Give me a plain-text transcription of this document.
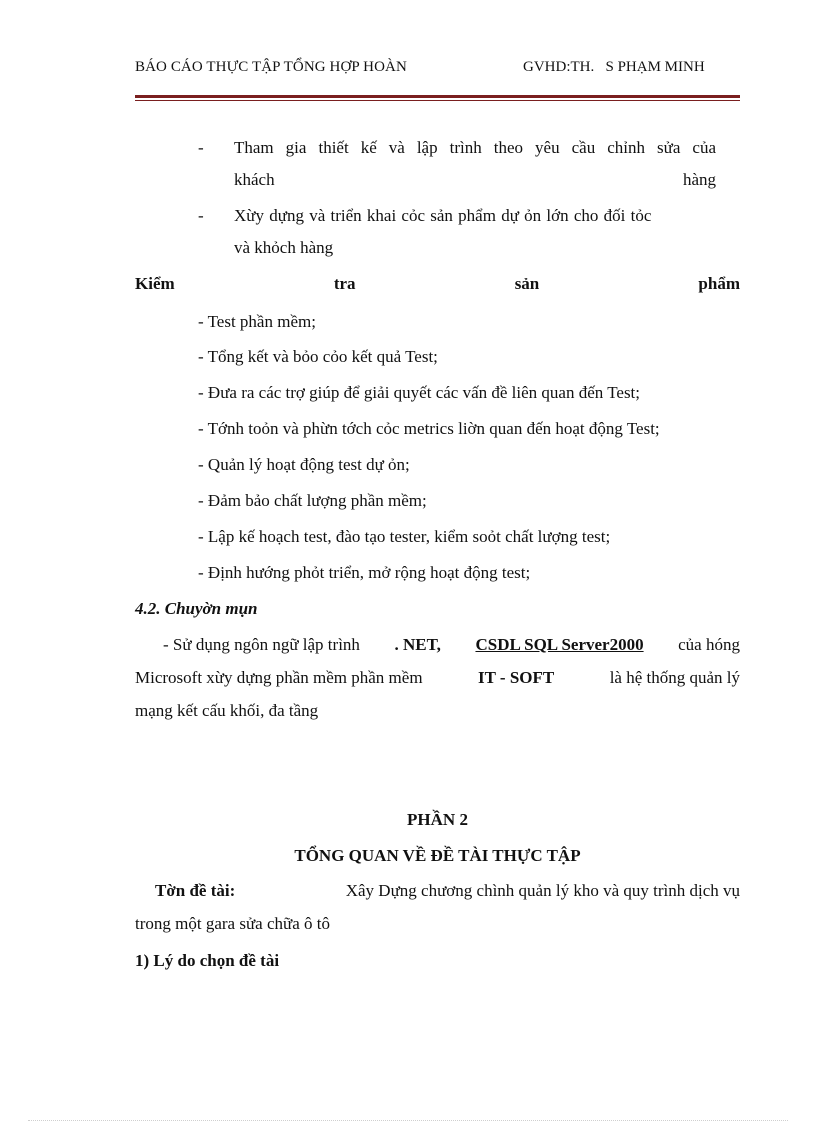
BÁO CÁO THỰC TẬP TỔNG HỢP HOÀN	GVHD:TH.   S PHẠM MINH
- Tham gia thiết kế và lập trình theo yêu cầu chỉnh sửa của
khách	hàng
- Xừy dựng và triển khai cỏc sản phẩm dự ỏn lớn cho đối tỏc
và khỏch hàng
Kiểm	tra	sản	phẩm
- Test phần mềm;
- Tổng kết và bỏo cỏo kết quả Test;
- Đưa ra các trợ giúp để giải quyết các vấn đề liên quan đến Test;
- Tớnh toỏn và phừn tớch cỏc metrics liờn quan đến hoạt động Test;
- Quản lý hoạt động test dự ỏn;
- Đảm bảo chất lượng phần mềm;
- Lập kế hoạch test, đào tạo tester, kiểm soỏt chất lượng test;
- Định hướng phỏt triển, mở rộng hoạt động test;
4.2. Chuyờn mụn
- Sử dụng ngôn ngữ lập trình . NET, CSDL SQL Server2000 của hóng
Microsoft xừy dựng phần mềm phần mềm	IT - SOFT	là hệ thống quản lý
mạng kết cấu khối, đa tầng
PHẦN 2
TỔNG QUAN VỀ ĐỀ TÀI THỰC TẬP
Tờn đề tài:	Xây Dựng chương chình quản lý kho và quy trình dịch vụ
trong một gara sửa chữa ô tô
1) Lý do chọn đề tài
